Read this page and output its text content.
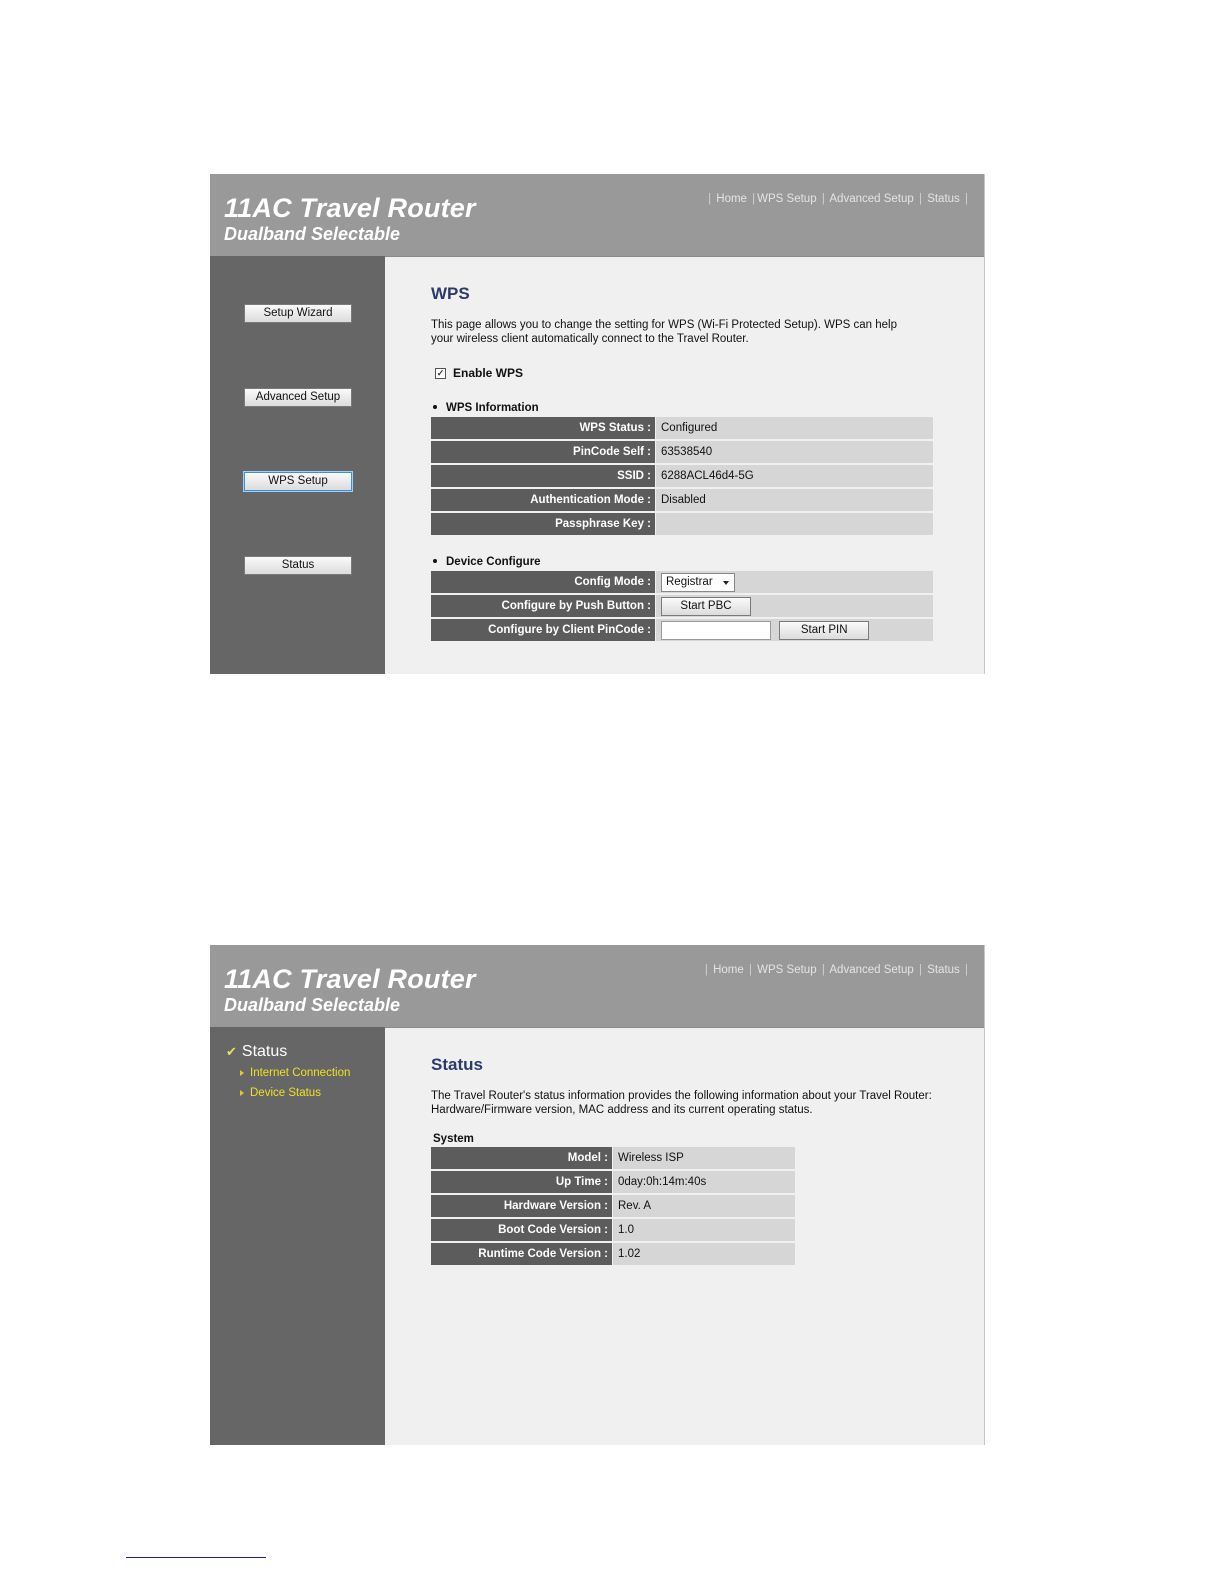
11AC Travel Router
Dualband Selectable
| Home | WPS Setup | Advanced Setup | Status |
Setup Wizard
Advanced Setup
WPS Setup
Status
WPS
This page allows you to change the setting for WPS (Wi-Fi Protected Setup). WPS can help
your wireless client automatically connect to the Travel Router.
✓ Enable WPS
WPS Information
WPS Status :	Configured
PinCode Self :	63538540
SSID :	6288ACL46d4-5G
Authentication Mode :	Disabled
Passphrase Key :	
Device Configure
Config Mode :	Registrar

Configure by Push Button :	Start PBC
Configure by Client PinCode :	Start PIN
11AC Travel Router
Dualband Selectable
| Home | WPS Setup | Advanced Setup | Status |
✔ Status
Internet Connection
Device Status
Status
The Travel Router's status information provides the following information about your Travel Router:
Hardware/Firmware version, MAC address and its current operating status.
System
Model :	Wireless ISP
Up Time :	0day:0h:14m:40s
Hardware Version :	Rev. A
Boot Code Version :	1.0
Runtime Code Version :	1.02
